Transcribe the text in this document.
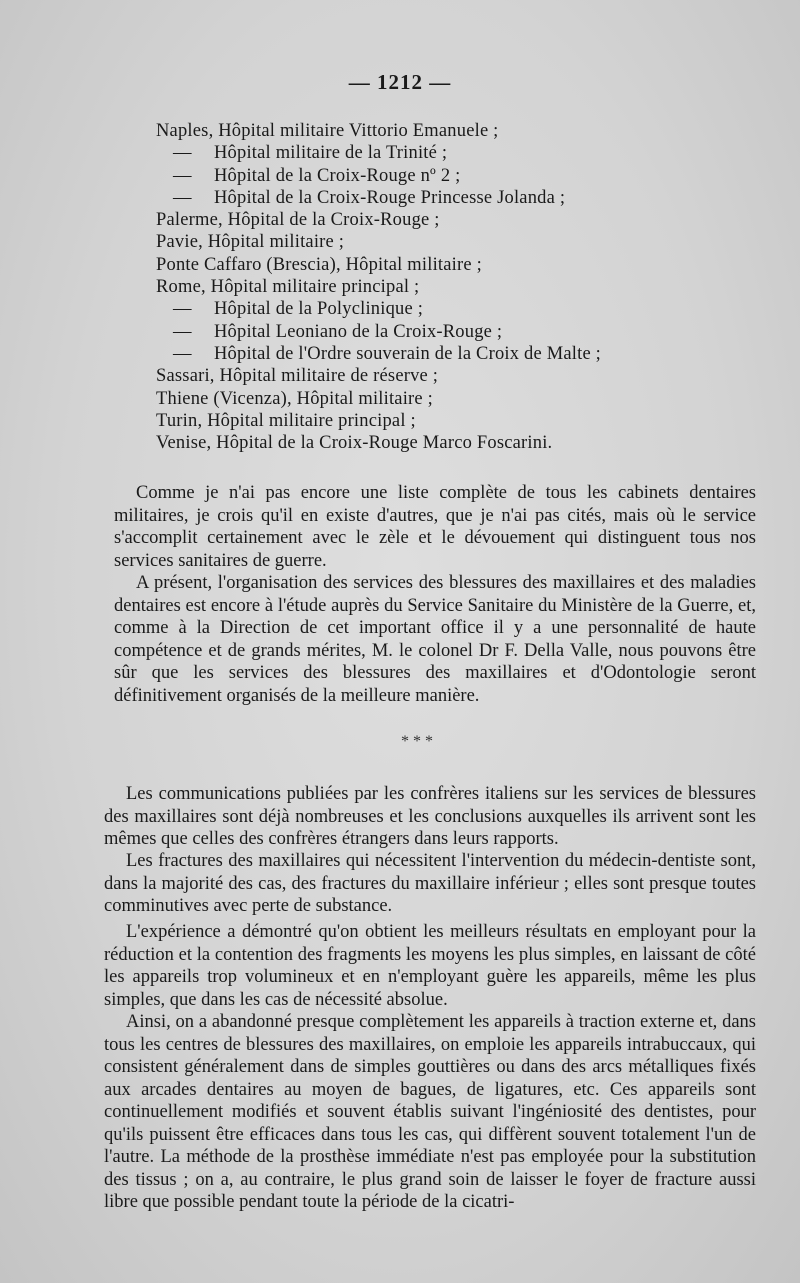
— 1212 —
Naples, Hôpital militaire Vittorio Emanuele ;
— Hôpital militaire de la Trinité ;
— Hôpital de la Croix-Rouge nº 2 ;
— Hôpital de la Croix-Rouge Princesse Jolanda ;
Palerme, Hôpital de la Croix-Rouge ;
Pavie, Hôpital militaire ;
Ponte Caffaro (Brescia), Hôpital militaire ;
Rome, Hôpital militaire principal ;
— Hôpital de la Polyclinique ;
— Hôpital Leoniano de la Croix-Rouge ;
— Hôpital de l'Ordre souverain de la Croix de Malte ;
Sassari, Hôpital militaire de réserve ;
Thiene (Vicenza), Hôpital militaire ;
Turin, Hôpital militaire principal ;
Venise, Hôpital de la Croix-Rouge Marco Foscarini.
Comme je n'ai pas encore une liste complète de tous les cabinets dentaires militaires, je crois qu'il en existe d'autres, que je n'ai pas cités, mais où le service s'accomplit certainement avec le zèle et le dévouement qui distinguent tous nos services sanitaires de guerre.
A présent, l'organisation des services des blessures des maxillaires et des maladies dentaires est encore à l'étude auprès du Service Sanitaire du Ministère de la Guerre, et, comme à la Direction de cet important office il y a une personnalité de haute compétence et de grands mérites, M. le colonel Dr F. Della Valle, nous pouvons être sûr que les services des blessures des maxillaires et d'Odontologie seront définitivement organisés de la meilleure manière.
* * *
Les communications publiées par les confrères italiens sur les services de blessures des maxillaires sont déjà nombreuses et les conclusions auxquelles ils arrivent sont les mêmes que celles des confrères étrangers dans leurs rapports.
Les fractures des maxillaires qui nécessitent l'intervention du médecin-dentiste sont, dans la majorité des cas, des fractures du maxillaire inférieur ; elles sont presque toutes comminutives avec perte de substance.
L'expérience a démontré qu'on obtient les meilleurs résultats en employant pour la réduction et la contention des fragments les moyens les plus simples, en laissant de côté les appareils trop volumineux et en n'employant guère les appareils, même les plus simples, que dans les cas de nécessité absolue.
Ainsi, on a abandonné presque complètement les appareils à traction externe et, dans tous les centres de blessures des maxillaires, on emploie les appareils intrabuccaux, qui consistent généralement dans de simples gouttières ou dans des arcs métalliques fixés aux arcades dentaires au moyen de bagues, de ligatures, etc. Ces appareils sont continuellement modifiés et souvent établis suivant l'ingéniosité des dentistes, pour qu'ils puissent être efficaces dans tous les cas, qui diffèrent souvent totalement l'un de l'autre. La méthode de la prosthèse immédiate n'est pas employée pour la substitution des tissus ; on a, au contraire, le plus grand soin de laisser le foyer de fracture aussi libre que possible pendant toute la période de la cicatri-
